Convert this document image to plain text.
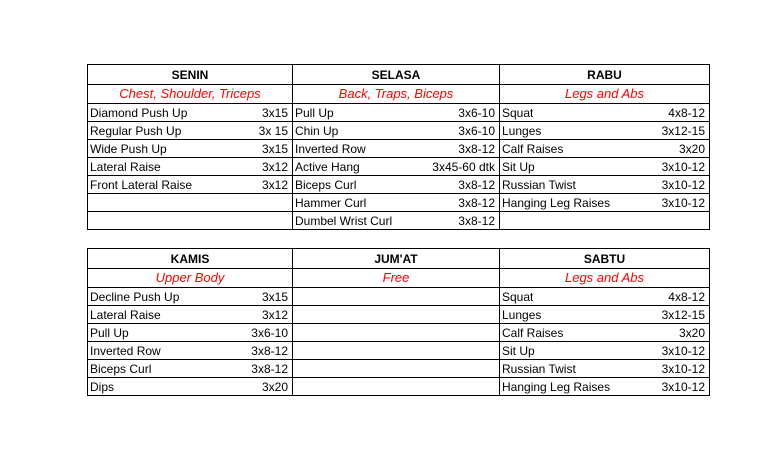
SENIN	SELASA	RABU
Chest, Shoulder, Triceps	Back, Traps, Biceps	Legs and Abs

Diamond Push Up 3x15	Pull Up 3x6-10	Squat 4x8-12

Regular Push Up 3x 15	Chin Up 3x6-10	Lunges 3x12-15

Wide Push Up 3x15	Inverted Row 3x8-12	Calf Raises 3x20

Lateral Raise 3x12	Active Hang 3x45-60 dtk	Sit Up 3x10-12

Front Lateral Raise 3x12	Biceps Curl 3x8-12	Russian Twist 3x10-12

	Hammer Curl 3x8-12	Hanging Leg Raises 3x10-12

	Dumbel Wrist Curl 3x8-12	

KAMIS	JUM'AT	SABTU
Upper Body	Free	Legs and Abs

Decline Push Up 3x15		Squat 4x8-12

Lateral Raise 3x12		Lunges 3x12-15

Pull Up 3x6-10		Calf Raises 3x20

Inverted Row 3x8-12		Sit Up 3x10-12

Biceps Curl 3x8-12		Russian Twist 3x10-12

Dips 3x20		Hanging Leg Raises 3x10-12
